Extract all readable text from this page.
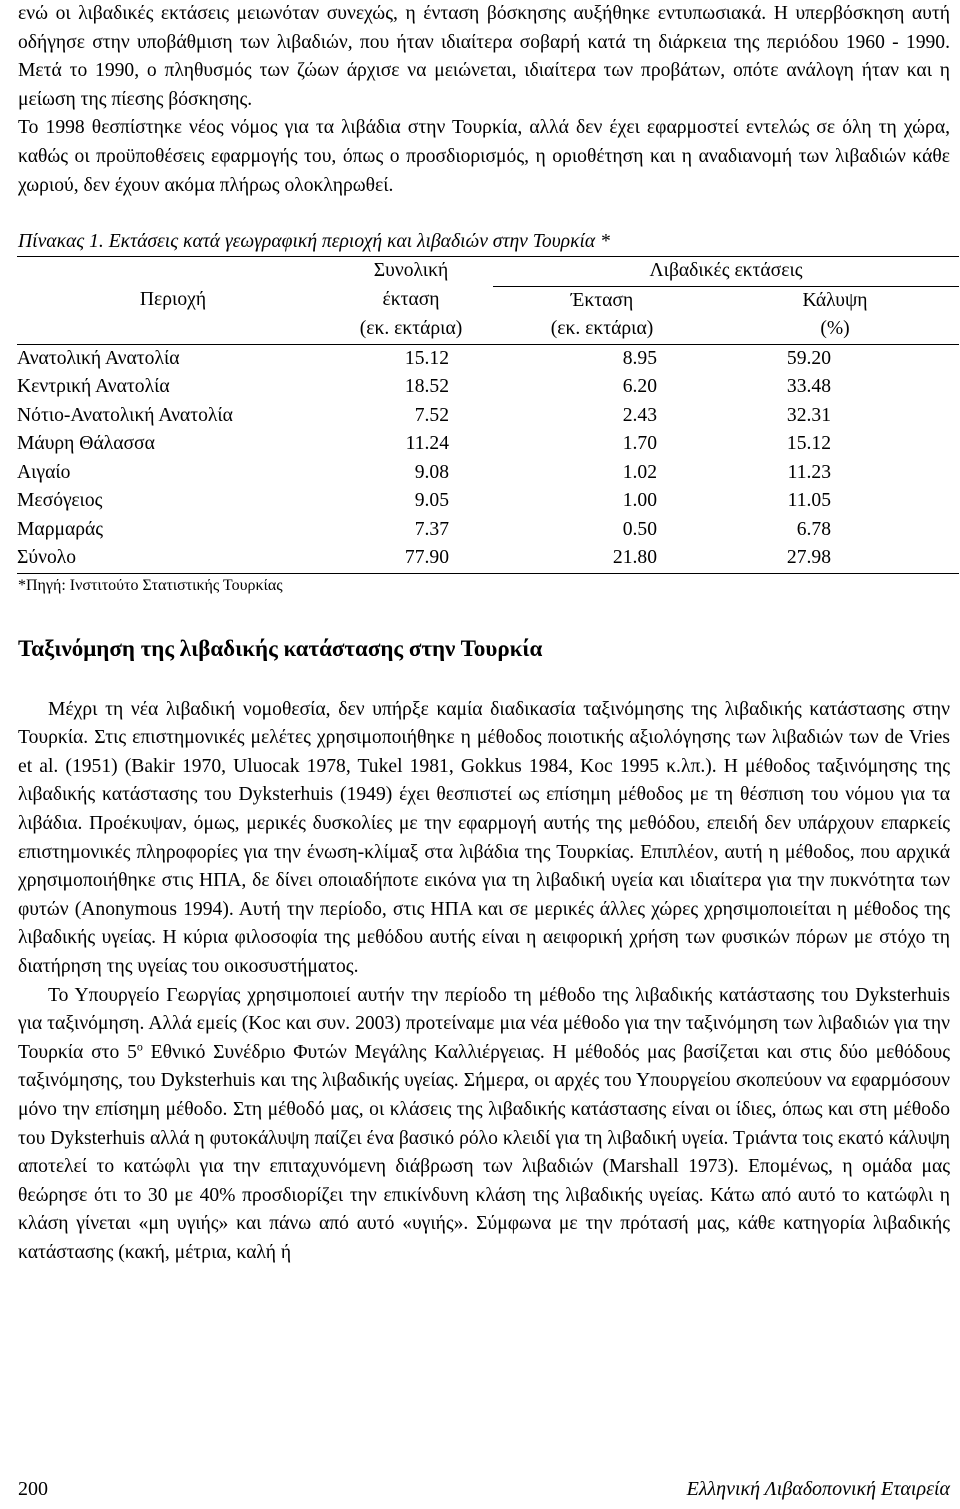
ενώ οι λιβαδικές εκτάσεις μειωνόταν συνεχώς, η ένταση βόσκησης αυξήθηκε εντυπωσιακά. Η υπερβόσκηση αυτή οδήγησε στην υποβάθμιση των λιβαδιών, που ήταν ιδιαίτερα σοβαρή κατά τη διάρκεια της περιόδου 1960 - 1990. Μετά το 1990, ο πληθυσμός των ζώων άρχισε να μειώνεται, ιδιαίτερα των προβάτων, οπότε ανάλογη ήταν και η μείωση της πίεσης βόσκησης.

Το 1998 θεσπίστηκε νέος νόμος για τα λιβάδια στην Τουρκία, αλλά δεν έχει εφαρμοστεί εντελώς σε όλη τη χώρα, καθώς οι προϋποθέσεις εφαρμογής του, όπως ο προσδιορισμός, η οριοθέτηση και η αναδιανομή των λιβαδιών κάθε χωριού, δεν έχουν ακόμα πλήρως ολοκληρωθεί.

Πίνακας 1. Εκτάσεις κατά γεωγραφική περιοχή και λιβαδιών στην Τουρκία *

	Συνολική	Λιβαδικές εκτάσεις	
Περιοχή	έκταση	Έκταση	Κάλυψη
	(εκ. εκτάρια)	(εκ. εκτάρια)	(%)
Ανατολική Ανατολία	15.12	8.95	59.20
Κεντρική Ανατολία	18.52	6.20	33.48
Νότιο-Ανατολική Ανατολία	7.52	2.43	32.31
Μάυρη Θάλασσα	11.24	1.70	15.12
Αιγαίο	9.08	1.02	11.23
Μεσόγειος	9.05	1.00	11.05
Μαρμαράς	7.37	0.50	6.78
Σύνολο	77.90	21.80	27.98

*Πηγή: Ινστιτούτο Στατιστικής Τουρκίας

Ταξινόμηση της λιβαδικής κατάστασης στην Τουρκία

Μέχρι τη νέα λιβαδική νομοθεσία, δεν υπήρξε καμία διαδικασία ταξινόμησης της λιβαδικής κατάστασης στην Τουρκία. Στις επιστημονικές μελέτες χρησιμοποιήθηκε η μέθοδος ποιοτικής αξιολόγησης των λιβαδιών των de Vries et al. (1951) (Bakir 1970, Uluocak 1978, Tukel 1981, Gokkus 1984, Koc 1995 κ.λπ.). Η μέθοδος ταξινόμησης της λιβαδικής κατάστασης του Dyksterhuis (1949) έχει θεσπιστεί ως επίσημη μέθοδος με τη θέσπιση του νόμου για τα λιβάδια. Προέκυψαν, όμως, μερικές δυσκολίες με την εφαρμογή αυτής της μεθόδου, επειδή δεν υπάρχουν επαρκείς επιστημονικές πληροφορίες για την ένωση-κλίμαξ στα λιβάδια της Τουρκίας. Επιπλέον, αυτή η μέθοδος, που αρχικά χρησιμοποιήθηκε στις ΗΠΑ, δε δίνει οποιαδήποτε εικόνα για τη λιβαδική υγεία και ιδιαίτερα για την πυκνότητα των φυτών (Anonymous 1994). Αυτή την περίοδο, στις ΗΠΑ και σε μερικές άλλες χώρες χρησιμοποιείται η μέθοδος της λιβαδικής υγείας. Η κύρια φιλοσοφία της μεθόδου αυτής είναι η αειφορική χρήση των φυσικών πόρων με στόχο τη διατήρηση της υγείας του οικοσυστήματος.

Το Υπουργείο Γεωργίας χρησιμοποιεί αυτήν την περίοδο τη μέθοδο της λιβαδικής κατάστασης του Dyksterhuis για ταξινόμηση. Αλλά εμείς (Koc και συν. 2003) προτείναμε μια νέα μέθοδο για την ταξινόμηση των λιβαδιών για την Τουρκία στο $5^o$ Εθνικό Συνέδριο Φυτών Μεγάλης Καλλιέργειας. Η μέθοδός μας βασίζεται και στις δύο μεθόδους ταξινόμησης, του Dyksterhuis και της λιβαδικής υγείας. Σήμερα, οι αρχές του Υπουργείου σκοπεύουν να εφαρμόσουν μόνο την επίσημη μέθοδο. Στη μέθοδό μας, οι κλάσεις της λιβαδικής κατάστασης είναι οι ίδιες, όπως και στη μέθοδο του Dyksterhuis αλλά η φυτοκάλυψη παίζει ένα βασικό ρόλο κλειδί για τη λιβαδική υγεία. Τριάντα τοις εκατό κάλυψη αποτελεί το κατώφλι για την επιταχυνόμενη διάβρωση των λιβαδιών (Marshall 1973). Επομένως, η ομάδα μας θεώρησε ότι το 30 με 40% προσδιορίζει την επικίνδυνη κλάση της λιβαδικής υγείας. Κάτω από αυτό το κατώφλι η κλάση γίνεται «μη υγιής» και πάνω από αυτό «υγιής». Σύμφωνα με την πρότασή μας, κάθε κατηγορία λιβαδικής κατάστασης (κακή, μέτρια, καλή ή

200	Ελληνική Λιβαδοπονική Εταιρεία
